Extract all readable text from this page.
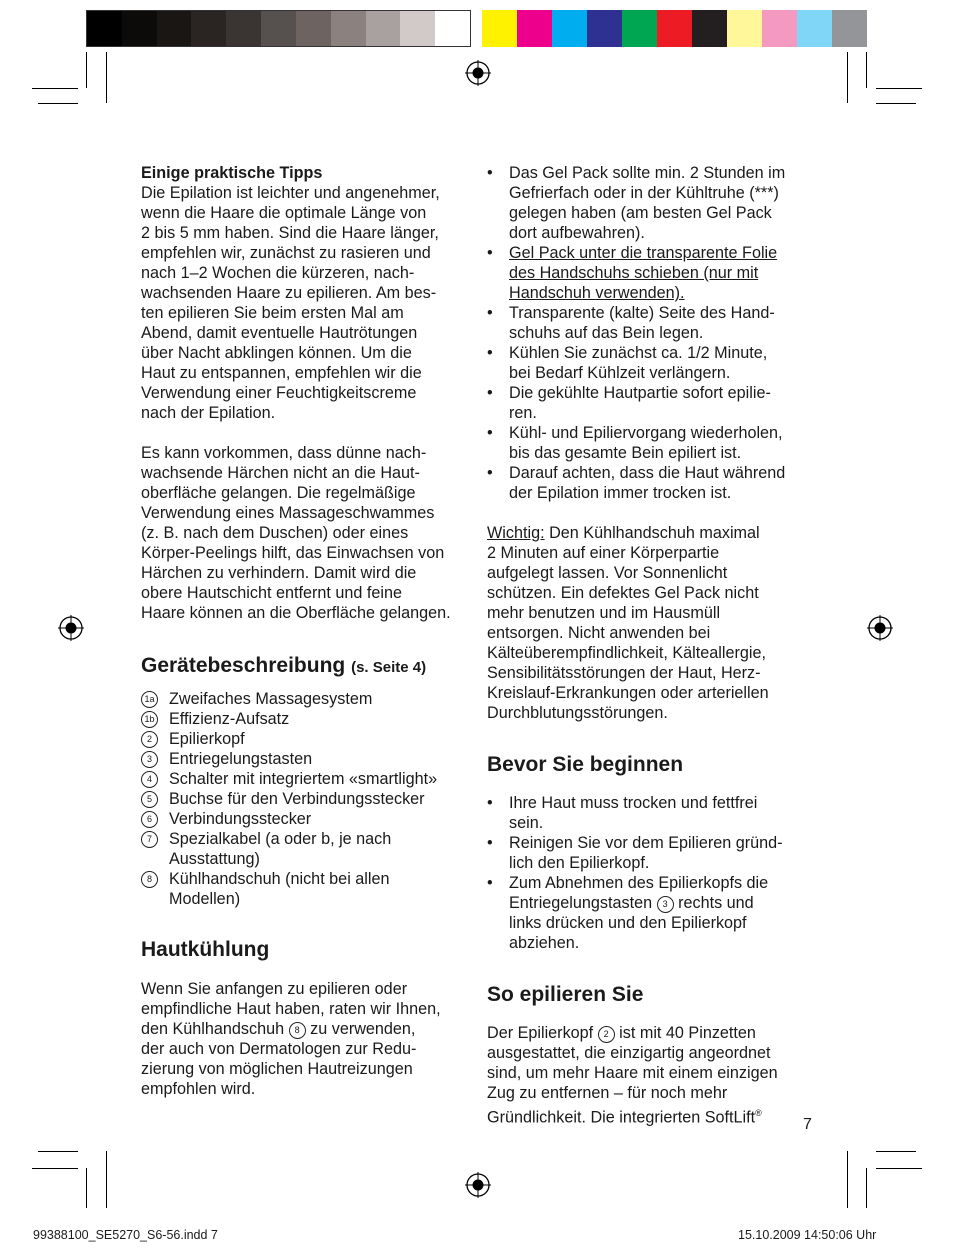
Einige praktische Tipps

Die Epilation ist leichter und angenehmer,
wenn die Haare die optimale Länge von
2 bis 5 mm haben. Sind die Haare länger,
empfehlen wir, zunächst zu rasieren und
nach 1–2 Wochen die kürzeren, nach-
wachsenden Haare zu epilieren. Am bes-
ten epilieren Sie beim ersten Mal am
Abend, damit eventuelle Hautrötungen
über Nacht abklingen können. Um die
Haut zu entspannen, empfehlen wir die
Verwendung einer Feuchtigkeitscreme
nach der Epilation.

Es kann vorkommen, dass dünne nach-
wachsende Härchen nicht an die Haut-
oberfläche gelangen. Die regelmäßige
Verwendung eines Massageschwammes
(z. B. nach dem Duschen) oder eines
Körper-Peelings hilft, das Einwachsen von
Härchen zu verhindern. Damit wird die
obere Hautschicht entfernt und feine
Haare können an die Oberfläche gelangen.

Gerätebeschreibung (s. Seite 4)
1a Zweifaches Massagesystem
1b Effizienz-Aufsatz
2	Epilierkopf
3	Entriegelungstasten
4	Schalter mit integriertem «smartlight»
5	Buchse für den Verbindungsstecker
6	Verbindungsstecker
7	Spezialkabel (a oder b, je nach
Ausstattung)
8	Kühlhandschuh (nicht bei allen
Modellen)
Hautkühlung

Wenn Sie anfangen zu epilieren oder
empfindliche Haut haben, raten wir Ihnen,
den Kühlhandschuh 8 zu verwenden,
der auch von Dermatologen zur Redu-
zierung von möglichen Hautreizungen
empfohlen wird.

• Das Gel Pack sollte min. 2 Stunden im
Gefrierfach oder in der Kühltruhe (***)
gelegen haben (am besten Gel Pack
dort aufbewahren).
• Gel Pack unter die transparente Folie
des Handschuhs schieben (nur mit
Handschuh verwenden).
• Transparente (kalte) Seite des Hand-
schuhs auf das Bein legen.
• Kühlen Sie zunächst ca. 1/2 Minute,
bei Bedarf Kühlzeit verlängern.
• Die gekühlte Hautpartie sofort epilie-
ren.
• Kühl- und Epiliervorgang wiederholen,
bis das gesamte Bein epiliert ist.
• Darauf achten, dass die Haut während
der Epilation immer trocken ist.

Wichtig: Den Kühlhandschuh maximal
2 Minuten auf einer Körperpartie
aufgelegt lassen. Vor Sonnenlicht
schützen. Ein defektes Gel Pack nicht
mehr benutzen und im Hausmüll
entsorgen. Nicht anwenden bei
Kälteüberempfindlichkeit, Kälteallergie,
Sensibilitätsstörungen der Haut, Herz-
Kreislauf-Erkrankungen oder arteriellen
Durchblutungsstörungen.

Bevor Sie beginnen
• Ihre Haut muss trocken und fettfrei
sein.
• Reinigen Sie vor dem Epilieren gründ-
lich den Epilierkopf.
• Zum Abnehmen des Epilierkopfs die
Entriegelungstasten 3 rechts und
links drücken und den Epilierkopf
abziehen.
So epilieren Sie

Der Epilierkopf 2 ist mit 40 Pinzetten
ausgestattet, die einzigartig angeordnet
sind, um mehr Haare mit einem einzigen
Zug zu entfernen – für noch mehr
Gründlichkeit. Die integrierten SoftLift®

7
99388100_SE5270_S6-56.indd 7	15.10.2009 14:50:06 Uhr
